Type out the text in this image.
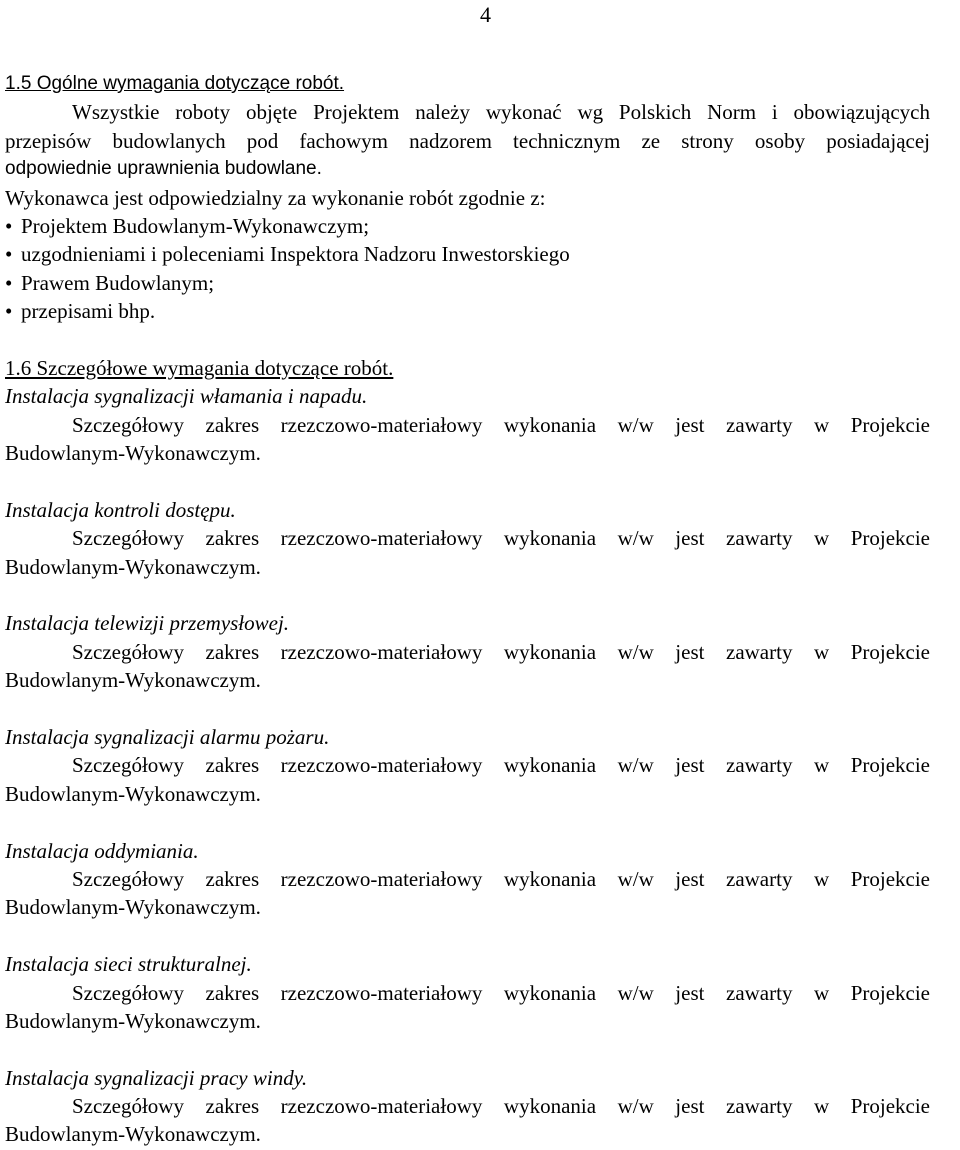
4
1.5 Ogólne wymagania dotyczące robót.
Wszystkie roboty objęte Projektem należy wykonać wg Polskich Norm i obowiązujących
przepisów budowlanych pod fachowym nadzorem technicznym ze strony osoby posiadającej
odpowiednie uprawnienia budowlane.
Wykonawca jest odpowiedzialny za wykonanie robót zgodnie z:
• Projektem Budowlanym-Wykonawczym;
• uzgodnieniami i poleceniami Inspektora Nadzoru Inwestorskiego
• Prawem Budowlanym;
• przepisami bhp.
1.6 Szczegółowe wymagania dotyczące robót.
Instalacja sygnalizacji włamania i napadu.
Szczegółowy zakres rzezczowo-materiałowy wykonania w/w jest zawarty w Projekcie
Budowlanym-Wykonawczym.
Instalacja kontroli dostępu.
Szczegółowy zakres rzezczowo-materiałowy wykonania w/w jest zawarty w Projekcie
Budowlanym-Wykonawczym.
Instalacja telewizji przemysłowej.
Szczegółowy zakres rzezczowo-materiałowy wykonania w/w jest zawarty w Projekcie
Budowlanym-Wykonawczym.
Instalacja sygnalizacji alarmu pożaru.
Szczegółowy zakres rzezczowo-materiałowy wykonania w/w jest zawarty w Projekcie
Budowlanym-Wykonawczym.
Instalacja oddymiania.
Szczegółowy zakres rzezczowo-materiałowy wykonania w/w jest zawarty w Projekcie
Budowlanym-Wykonawczym.
Instalacja sieci strukturalnej.
Szczegółowy zakres rzezczowo-materiałowy wykonania w/w jest zawarty w Projekcie
Budowlanym-Wykonawczym.
Instalacja sygnalizacji pracy windy.
Szczegółowy zakres rzezczowo-materiałowy wykonania w/w jest zawarty w Projekcie
Budowlanym-Wykonawczym.
